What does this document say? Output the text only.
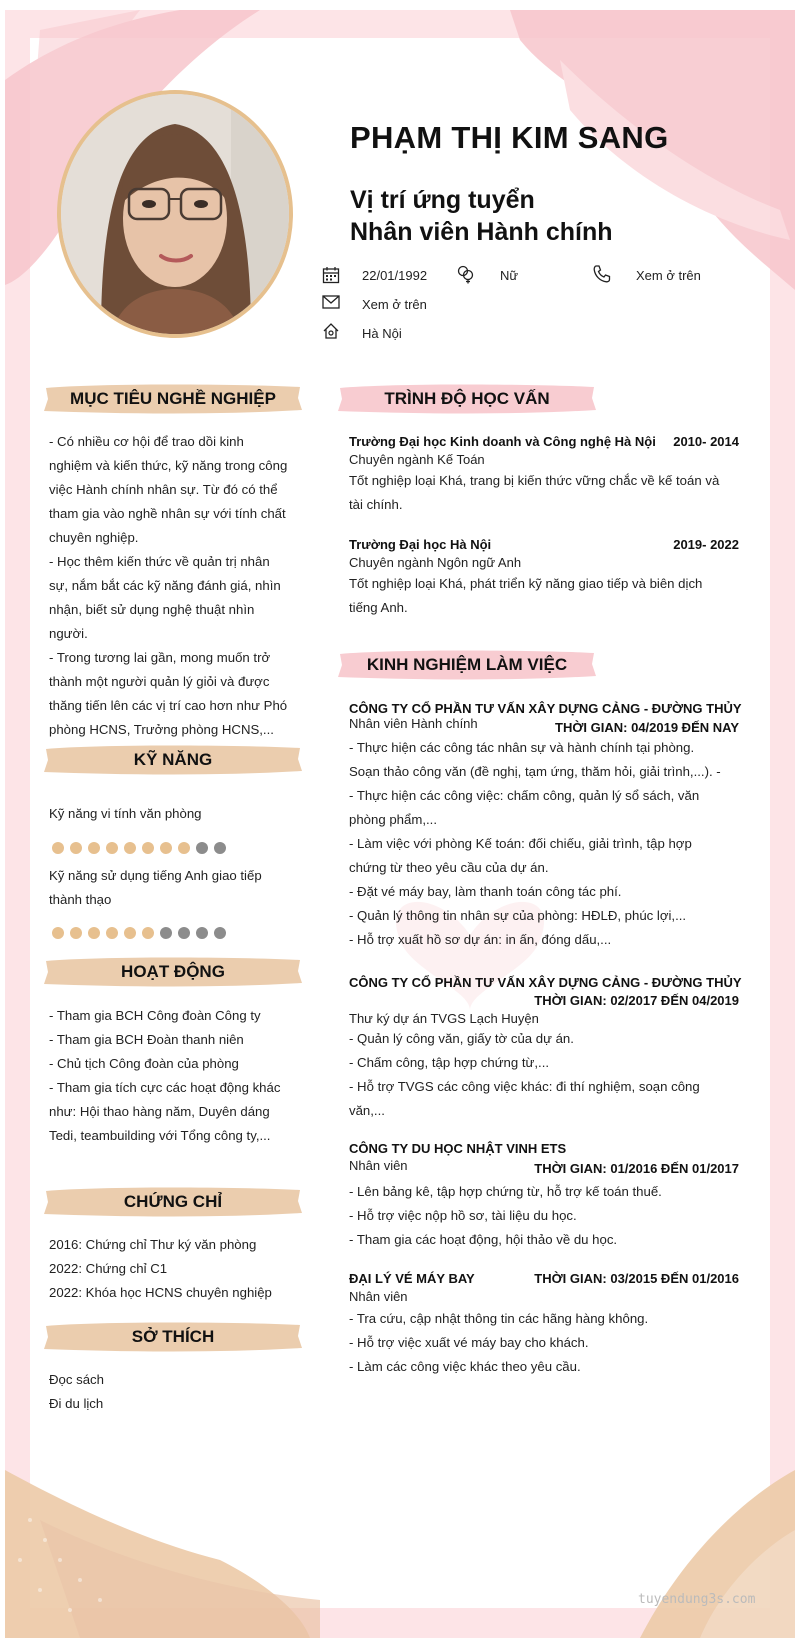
PHẠM THỊ KIM SANG
Vị trí ứng tuyển
Nhân viên Hành chính
22/01/1992	Nữ	Xem ở trên
Xem ở trên
Hà Nội
MỤC TIÊU NGHỀ NGHIỆP
- Có nhiều cơ hội để trao dồi kinh
nghiệm và kiến thức, kỹ năng trong công
việc Hành chính nhân sự. Từ đó có thể
tham gia vào nghề nhân sự với tính chất
chuyên nghiệp.
- Học thêm kiến thức về quản trị nhân
sự, nắm bắt các kỹ năng đánh giá, nhìn
nhận, biết sử dụng nghệ thuật nhìn
người.
- Trong tương lai gần, mong muốn trở
thành một người quản lý giỏi và được
thăng tiến lên các vị trí cao hơn như Phó
phòng HCNS, Trưởng phòng HCNS,...
KỸ NĂNG
Kỹ năng vi tính văn phòng
Kỹ năng sử dụng tiếng Anh giao tiếp
thành thạo
HOẠT ĐỘNG
- Tham gia BCH Công đoàn Công ty
- Tham gia BCH Đoàn thanh niên
- Chủ tịch Công đoàn của phòng
- Tham gia tích cực các hoạt động khác
như: Hội thao hàng năm, Duyên dáng
Tedi, teambuilding với Tổng công ty,...
CHỨNG CHỈ
2016: Chứng chỉ Thư ký văn phòng
2022: Chứng chỉ C1
2022: Khóa học HCNS chuyên nghiệp
SỞ THÍCH
Đọc sách
Đi du lịch
TRÌNH ĐỘ HỌC VẤN
Trường Đại học Kinh doanh và Công nghệ Hà Nội 2010- 2014
Chuyên ngành Kế Toán
Tốt nghiệp loại Khá, trang bị kiến thức vững chắc về kế toán và
tài chính.
Trường Đại học Hà Nội	2019- 2022
Chuyên ngành Ngôn ngữ Anh
Tốt nghiệp loại Khá, phát triển kỹ năng giao tiếp và biên dịch
tiếng Anh.
KINH NGHIỆM LÀM VIỆC
CÔNG TY CỔ PHẦN TƯ VẤN XÂY DỰNG CẢNG - ĐƯỜNG THỦY
Nhân viên Hành chính	THỜI GIAN: 04/2019 ĐẾN NAY
- Thực hiện các công tác nhân sự và hành chính tại phòng.
Soạn thảo công văn (đề nghị, tạm ứng, thăm hỏi, giải trình,...). -
- Thực hiện các công việc: chấm công, quản lý sổ sách, văn
phòng phẩm,...
- Làm việc với phòng Kế toán: đối chiếu, giải trình, tập hợp
chứng từ theo yêu cầu của dự án.
- Đặt vé máy bay, làm thanh toán công tác phí.
- Quản lý thông tin nhân sự của phòng: HĐLĐ, phúc lợi,...
- Hỗ trợ xuất hồ sơ dự án: in ấn, đóng dấu,...
CÔNG TY CỔ PHẦN TƯ VẤN XÂY DỰNG CẢNG - ĐƯỜNG THỦY
THỜI GIAN: 02/2017 ĐẾN 04/2019
Thư ký dự án TVGS Lạch Huyện
- Quản lý công văn, giấy tờ của dự án.
- Chấm công, tập hợp chứng từ,...
- Hỗ trợ TVGS các công việc khác: đi thí nghiệm, soạn công
văn,...
CÔNG TY DU HỌC NHẬT VINH ETS
Nhân viên	THỜI GIAN: 01/2016 ĐẾN 01/2017
- Lên bảng kê, tập hợp chứng từ, hỗ trợ kế toán thuế.
- Hỗ trợ việc nộp hồ sơ, tài liệu du học.
- Tham gia các hoạt động, hội thảo về du học.
ĐẠI LÝ VÉ MÁY BAY	THỜI GIAN: 03/2015 ĐẾN 01/2016
Nhân viên
- Tra cứu, cập nhật thông tin các hãng hàng không.
- Hỗ trợ việc xuất vé máy bay cho khách.
- Làm các công việc khác theo yêu cầu.
tuyendung3s.com
